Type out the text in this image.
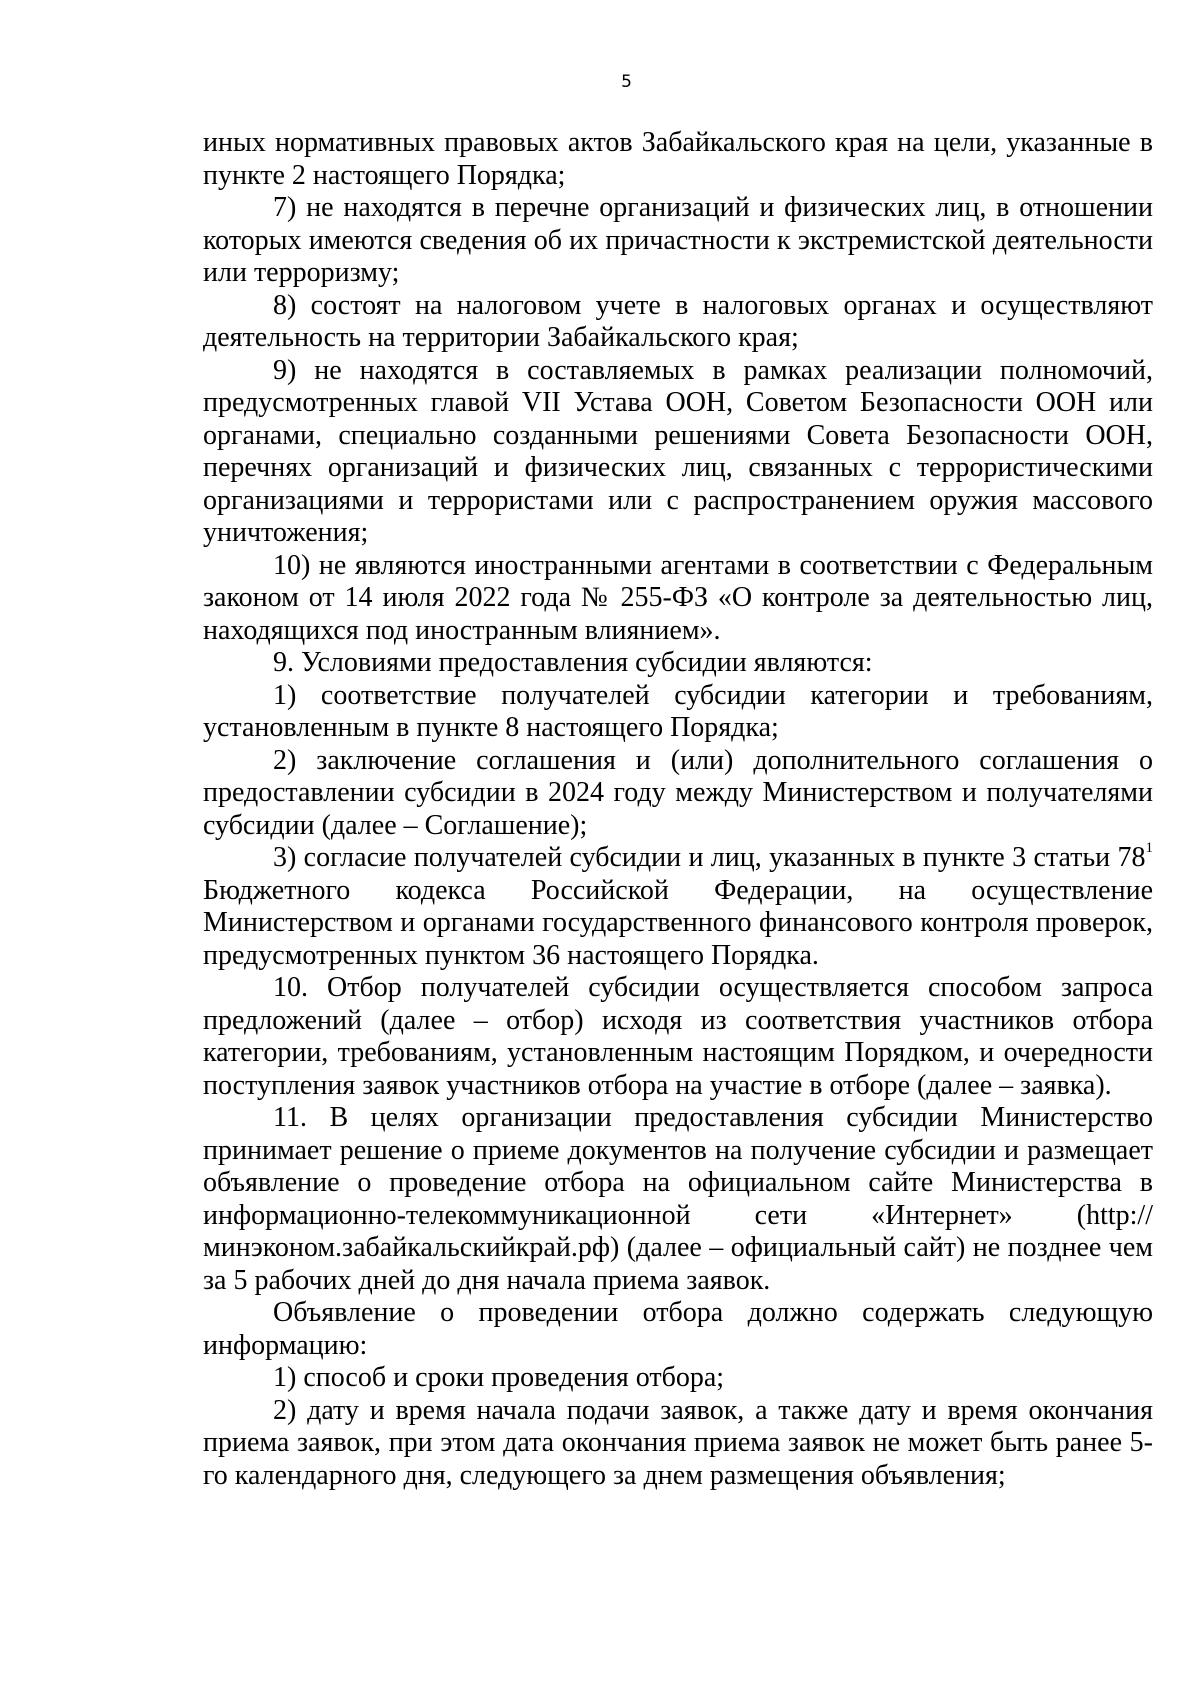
5

иных нормативных правовых актов Забайкальского края на цели, указанные в пункте 2 настоящего Порядка;

7) не находятся в перечне организаций и физических лиц, в отношении которых имеются сведения об их причастности к экстремистской деятельности или терроризму;

8) состоят на налоговом учете в налоговых органах и осуществляют деятельность на территории Забайкальского края;

9) не находятся в составляемых в рамках реализации полномочий, предусмотренных главой VII Устава ООН, Советом Безопасности ООН или органами, специально созданными решениями Совета Безопасности ООН, перечнях организаций и физических лиц, связанных с террористическими организациями и террористами или с распространением оружия массового уничтожения;

10) не являются иностранными агентами в соответствии с Федеральным законом от 14 июля 2022 года № 255-ФЗ «О контроле за деятельностью лиц, находящихся под иностранным влиянием».

9. Условиями предоставления субсидии являются:

1) соответствие получателей субсидии категории и требованиям, установленным в пункте 8 настоящего Порядка;

2) заключение соглашения и (или) дополнительного соглашения о предоставлении субсидии в 2024 году между Министерством и получателями субсидии (далее – Соглашение);

3) согласие получателей субсидии и лиц, указанных в пункте 3 статьи $78^1$ Бюджетного кодекса Российской Федерации, на осуществление Министерством и органами государственного финансового контроля проверок, предусмотренных пунктом 36 настоящего Порядка.

10. Отбор получателей субсидии осуществляется способом запроса предложений (далее – отбор) исходя из соответствия участников отбора категории, требованиям, установленным настоящим Порядком, и очередности поступления заявок участников отбора на участие в отборе (далее – заявка).

11. В целях организации предоставления субсидии Министерство принимает решение о приеме документов на получение субсидии и размещает объявление о проведение отбора на официальном сайте Министерства в информационно-телекоммуникационной сети «Интернет» (http://минэконом.забайкальскийкрай.рф) (далее – официальный сайт) не позднее чем за 5 рабочих дней до дня начала приема заявок.

Объявление о проведении отбора должно содержать следующую информацию:

1) способ и сроки проведения отбора;

2) дату и время начала подачи заявок, а также дату и время окончания приема заявок, при этом дата окончания приема заявок не может быть ранее 5-го календарного дня, следующего за днем размещения объявления;
